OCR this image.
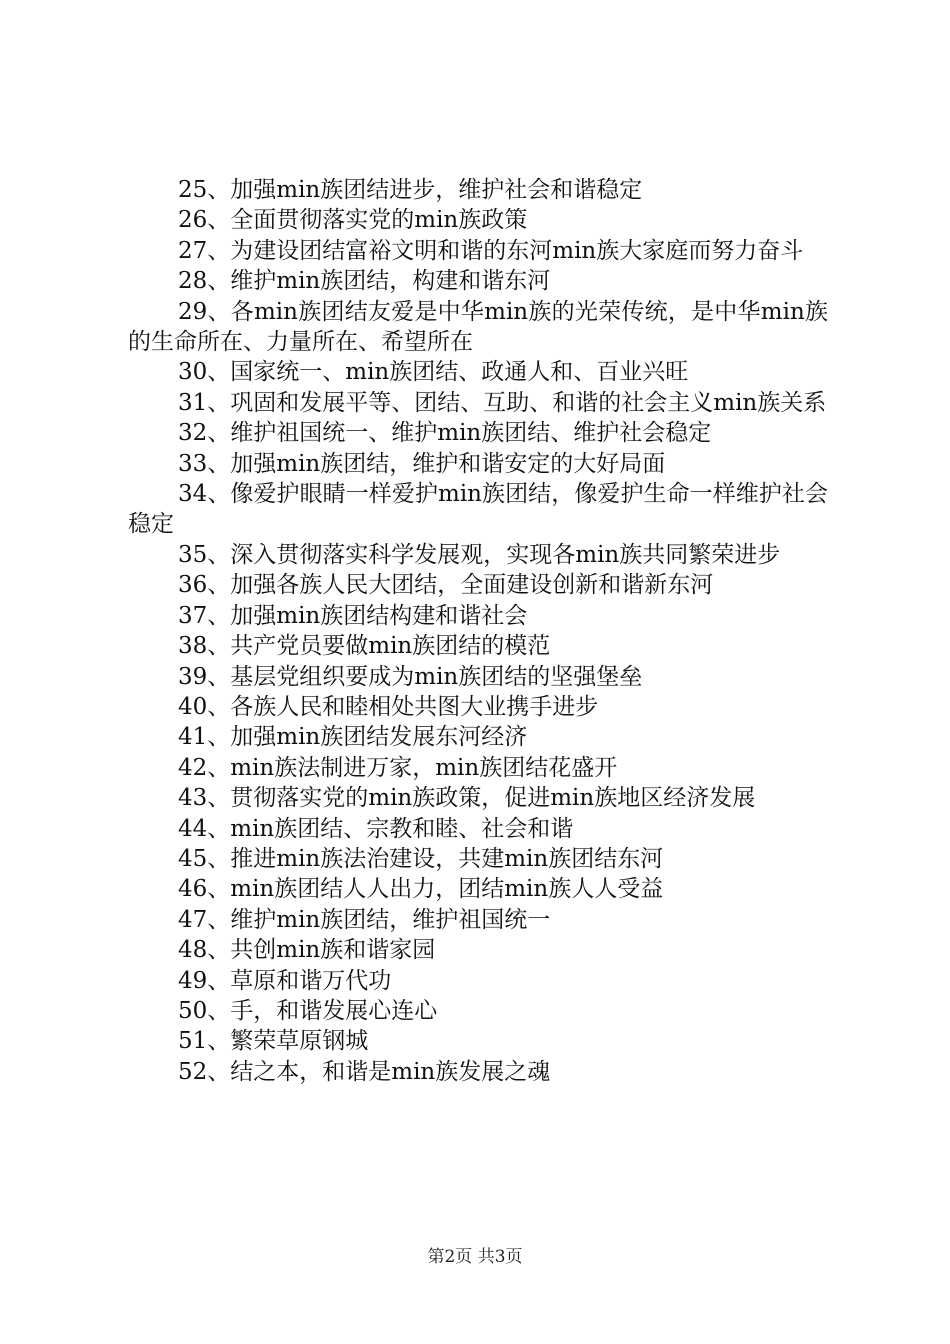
25、加强min族团结进步，维护社会和谐稳定

26、全面贯彻落实党的min族政策

27、为建设团结富裕文明和谐的东河min族大家庭而努力奋斗

28、维护min族团结，构建和谐东河

29、各min族团结友爱是中华min族的光荣传统，是中华min族的生命所在、力量所在、希望所在

30、国家统一、min族团结、政通人和、百业兴旺

31、巩固和发展平等、团结、互助、和谐的社会主义min族关系

32、维护祖国统一、维护min族团结、维护社会稳定

33、加强min族团结，维护和谐安定的大好局面

34、像爱护眼睛一样爱护min族团结，像爱护生命一样维护社会稳定

35、深入贯彻落实科学发展观，实现各min族共同繁荣进步

36、加强各族人民大团结，全面建设创新和谐新东河

37、加强min族团结构建和谐社会

38、共产党员要做min族团结的模范

39、基层党组织要成为min族团结的坚强堡垒

40、各族人民和睦相处共图大业携手进步

41、加强min族团结发展东河经济

42、min族法制进万家，min族团结花盛开

43、贯彻落实党的min族政策，促进min族地区经济发展

44、min族团结、宗教和睦、社会和谐

45、推进min族法治建设，共建min族团结东河

46、min族团结人人出力，团结min族人人受益

47、维护min族团结，维护祖国统一

48、共创min族和谐家园

49、草原和谐万代功

50、手，和谐发展心连心

51、繁荣草原钢城

52、结之本，和谐是min族发展之魂

第2页 共3页
